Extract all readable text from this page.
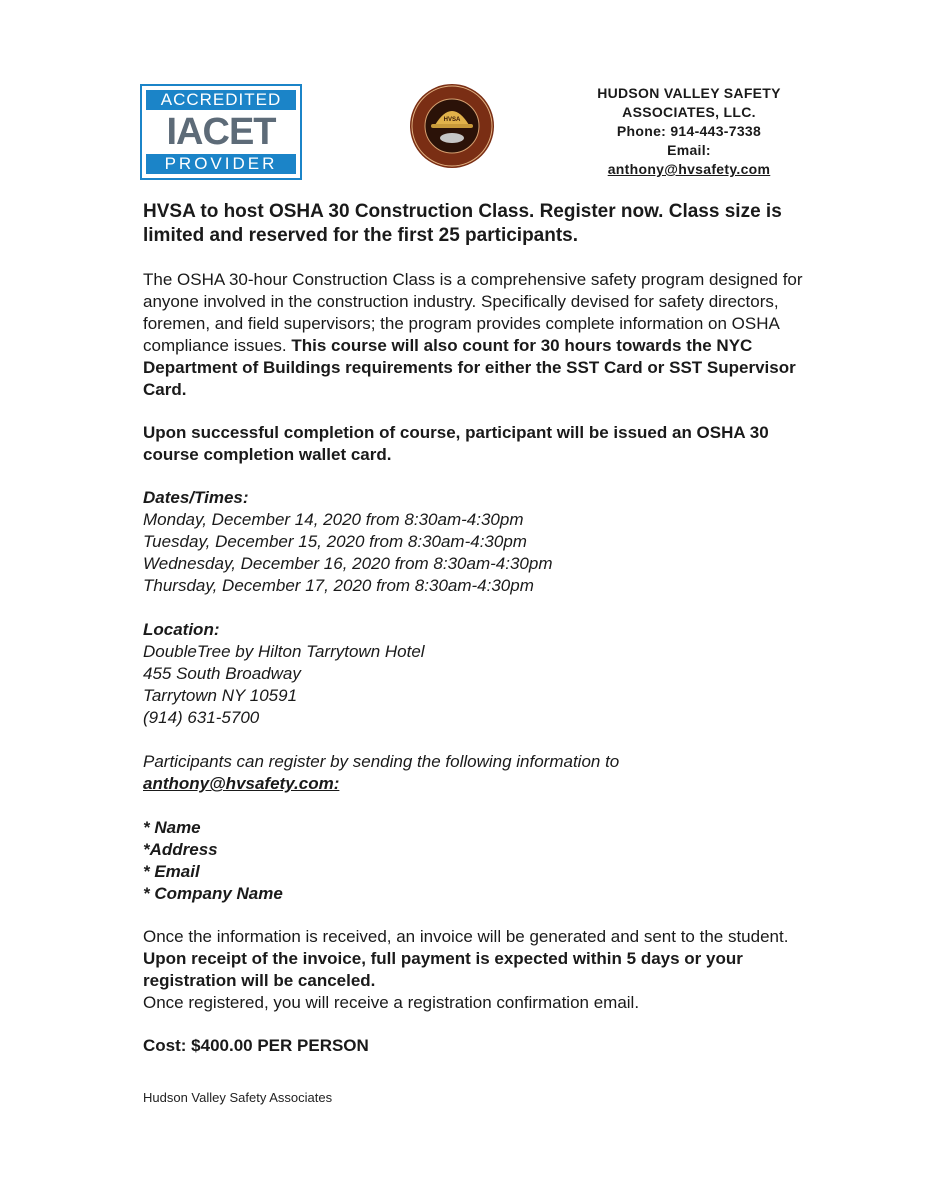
ACCREDITED
IACET
PROVIDER
HVSA
HUDSON VALLEY SAFETY
ASSOCIATES, LLC.
Phone: 914-443-7338
Email:
anthony@hvsafety.com
HVSA to host OSHA 30 Construction Class. Register now. Class size is limited and reserved for the first 25 participants.

The OSHA 30-hour Construction Class is a comprehensive safety program designed for anyone involved in the construction industry. Specifically devised for safety directors, foremen, and field supervisors; the program provides complete information on OSHA compliance issues. This course will also count for 30 hours towards the NYC Department of Buildings requirements for either the SST Card or SST Supervisor Card.

Upon successful completion of course, participant will be issued an OSHA 30 course completion wallet card.

Dates/Times:
Monday, December 14, 2020 from 8:30am-4:30pm
Tuesday, December 15, 2020 from 8:30am-4:30pm
Wednesday, December 16, 2020 from 8:30am-4:30pm
Thursday, December 17, 2020 from 8:30am-4:30pm
Location:
DoubleTree by Hilton Tarrytown Hotel
455 South Broadway
Tarrytown NY 10591
(914) 631-5700
Participants can register by sending the following information to
anthony@hvsafety.com:
* Name
*Address
* Email
* Company Name

Once the information is received, an invoice will be generated and sent to the student. Upon receipt of the invoice, full payment is expected within 5 days or your registration will be canceled.

Once registered, you will receive a registration confirmation email.

Cost: $400.00 PER PERSON

Hudson Valley Safety Associates
